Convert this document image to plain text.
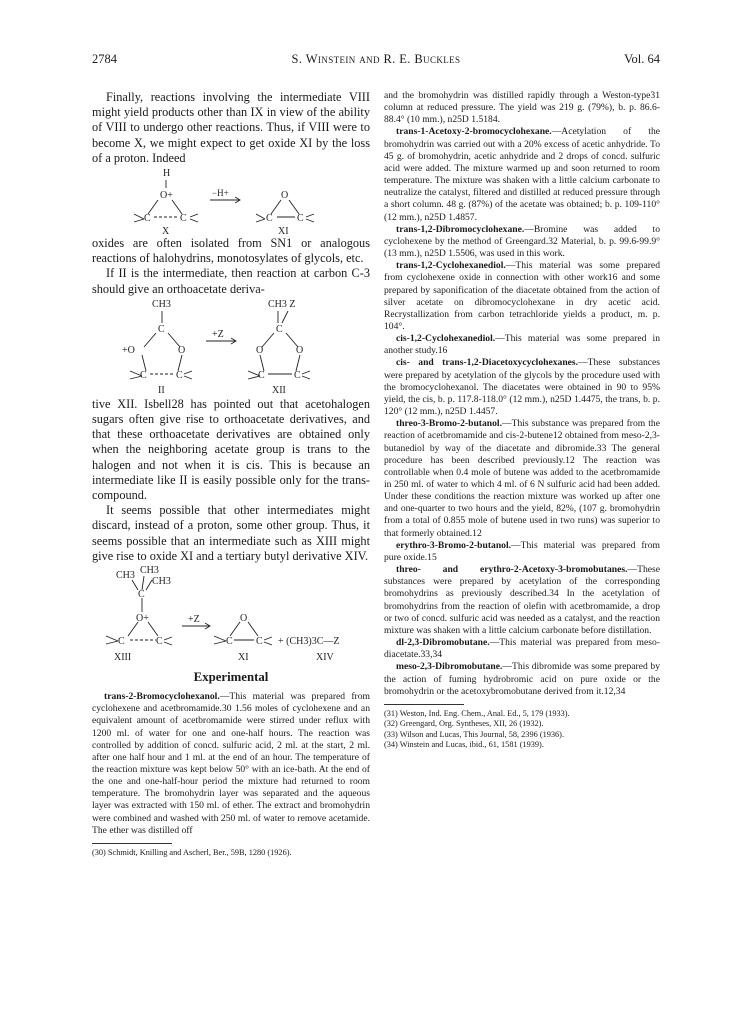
2784	S. Winstein and R. E. Buckles	Vol. 64

Finally, reactions involving the intermediate VIII might yield products other than IX in view of the ability of VIII to undergo other reactions. Thus, if VIII were to become X, we might expect to get oxide XI by the loss of a proton. Indeed

H
O+
C	C
−H+	O
C C
X	XI

oxides are often isolated from SN1 or analogous reactions of halohydrins, monotosylates of glycols, etc.

If II is the intermediate, then reaction at carbon C-3 should give an orthoacetate deriva-

CH3
C
+O	O
C	C
+Z
CH3 Z
C
O	O
C	C
II	XII

tive XII. Isbell28 has pointed out that acetohalogen sugars often give rise to orthoacetate derivatives, and that these orthoacetate derivatives are obtained only when the neighboring acetate group is trans to the halogen and not when it is cis. This is because an intermediate like II is easily possible only for the trans-compound.

It seems possible that other intermediates might discard, instead of a proton, some other group. Thus, it seems possible that an intermediate such as XIII might give rise to oxide XI and a tertiary butyl derivative XIV.

CH3 CH3
CH3
C
O+
C	C
+Z	O
C C + (CH3)3C—Z
XIII	XI	XIV
Experimental

trans-2-Bromocyclohexanol.—This material was prepared from cyclohexene and acetbromamide.30 1.56 moles of cyclohexene and an equivalent amount of acetbromamide were stirred under reflux with 1200 ml. of water for one and one-half hours. The reaction was controlled by addition of concd. sulfuric acid, 2 ml. at the start, 2 ml. after one half hour and 1 ml. at the end of an hour. The temperature of the reaction mixture was kept below 50° with an ice-bath. At the end of the one and one-half-hour period the mixture had returned to room temperature. The bromohydrin layer was separated and the aqueous layer was extracted with 150 ml. of ether. The extract and bromohydrin were combined and washed with 250 ml. of water to remove acetamide. The ether was distilled off

(30) Schmidt, Knilling and Ascherl, Ber., 59B, 1280 (1926).

and the bromohydrin was distilled rapidly through a Weston-type31 column at reduced pressure. The yield was 219 g. (79%), b. p. 86.6-88.4° (10 mm.), n25D 1.5184.

trans-1-Acetoxy-2-bromocyclohexane.—Acetylation of the bromohydrin was carried out with a 20% excess of acetic anhydride. To 45 g. of bromohydrin, acetic anhydride and 2 drops of concd. sulfuric acid were added. The mixture warmed up and soon returned to room temperature. The mixture was shaken with a little calcium carbonate to neutralize the catalyst, filtered and distilled at reduced pressure through a short column. 48 g. (87%) of the acetate was obtained; b. p. 109-110° (12 mm.), n25D 1.4857.

trans-1,2-Dibromocyclohexane.—Bromine was added to cyclohexene by the method of Greengard.32 Material, b. p. 99.6-99.9° (13 mm.), n25D 1.5506, was used in this work.

trans-1,2-Cyclohexanediol.—This material was some prepared from cyclohexene oxide in connection with other work16 and some prepared by saponification of the diacetate obtained from the action of silver acetate on dibromocyclohexane in dry acetic acid. Recrystallization from carbon tetrachloride yields a product, m. p. 104°.

cis-1,2-Cyclohexanediol.—This material was some prepared in another study.16

cis- and trans-1,2-Diacetoxycyclohexanes.—These substances were prepared by acetylation of the glycols by the procedure used with the bromocyclohexanol. The diacetates were obtained in 90 to 95% yield, the cis, b. p. 117.8-118.0° (12 mm.), n25D 1.4475, the trans, b. p. 120° (12 mm.), n25D 1.4457.

threo-3-Bromo-2-butanol.—This substance was prepared from the reaction of acetbromamide and cis-2-butene12 obtained from meso-2,3-butanediol by way of the diacetate and dibromide.33 The general procedure has been described previously.12 The reaction was controllable when 0.4 mole of butene was added to the acetbromamide in 250 ml. of water to which 4 ml. of 6 N sulfuric acid had been added. Under these conditions the reaction mixture was worked up after one and one-quarter to two hours and the yield, 82%, (107 g. bromohydrin from a total of 0.855 mole of butene used in two runs) was superior to that formerly obtained.12

erythro-3-Bromo-2-butanol.—This material was prepared from pure oxide.15

threo- and erythro-2-Acetoxy-3-bromobutanes.—These substances were prepared by acetylation of the corresponding bromohydrins as previously described.34 In the acetylation of bromohydrins from the reaction of olefin with acetbromamide, a drop or two of concd. sulfuric acid was needed as a catalyst, and the reaction mixture was shaken with a little calcium carbonate before distillation.

dl-2,3-Dibromobutane.—This material was prepared from meso-diacetate.33,34

meso-2,3-Dibromobutane.—This dibromide was some prepared by the action of fuming hydrobromic acid on pure oxide or the bromohydrin or the acetoxybromobutane derived from it.12,34

(31) Weston, Ind. Eng. Chem., Anal. Ed., 5, 179 (1933).

(32) Greengard, Org. Syntheses, XII, 26 (1932).

(33) Wilson and Lucas, This Journal, 58, 2396 (1936).

(34) Winstein and Lucas, ibid., 61, 1581 (1939).
